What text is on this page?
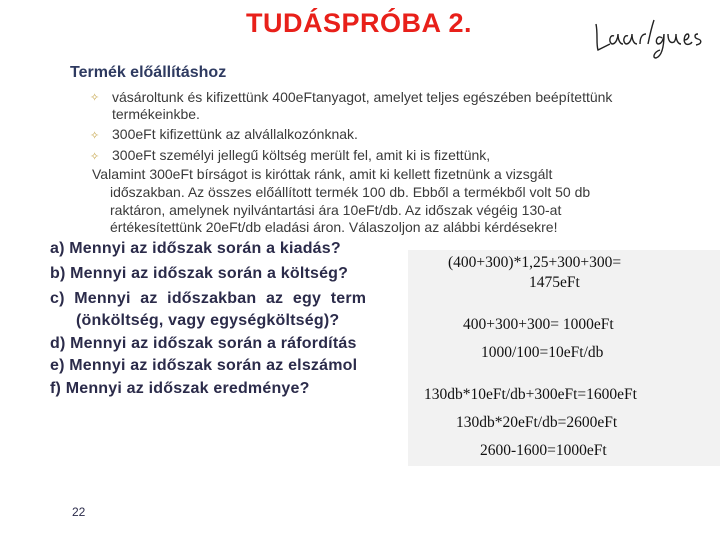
TUDÁSPRÓBA 2.
Termék előállításhoz
✧ vásároltunk és kifizettünk 400eFtanyagot, amelyet teljes egészében beépítettünk
termékeinkbe.
✧ 300eFt kifizettünk az alvállalkozónknak.
✧ 300eFt személyi jellegű költség merült fel, amit ki is fizettünk,
Valamint 300eFt bírságot is kiróttak ránk, amit ki kellett fizetnünk a vizsgált
időszakban. Az összes előállított termék 100 db. Ebből a termékből volt 50 db
raktáron, amelynek nyilvántartási ára 10eFt/db. Az időszak végéig 130-at
értékesítettünk 20eFt/db eladási áron. Válaszoljon az alábbi kérdésekre!
(400+300)*1,25+300+300=
1475eFt
400+300+300= 1000eFt
1000/100=10eFt/db
130db*10eFt/db+300eFt=1600eFt
130db*20eFt/db=2600eFt
2600-1600=1000eFt
a) Mennyi az időszak során a kiadás?
b) Mennyi az időszak során a költség?
c) Mennyi az időszakban az egy term
(önköltség, vagy egységköltség)?
d) Mennyi az időszak során a ráfordítás
e) Mennyi az időszak során az elszámol
f) Mennyi az időszak eredménye?
22
